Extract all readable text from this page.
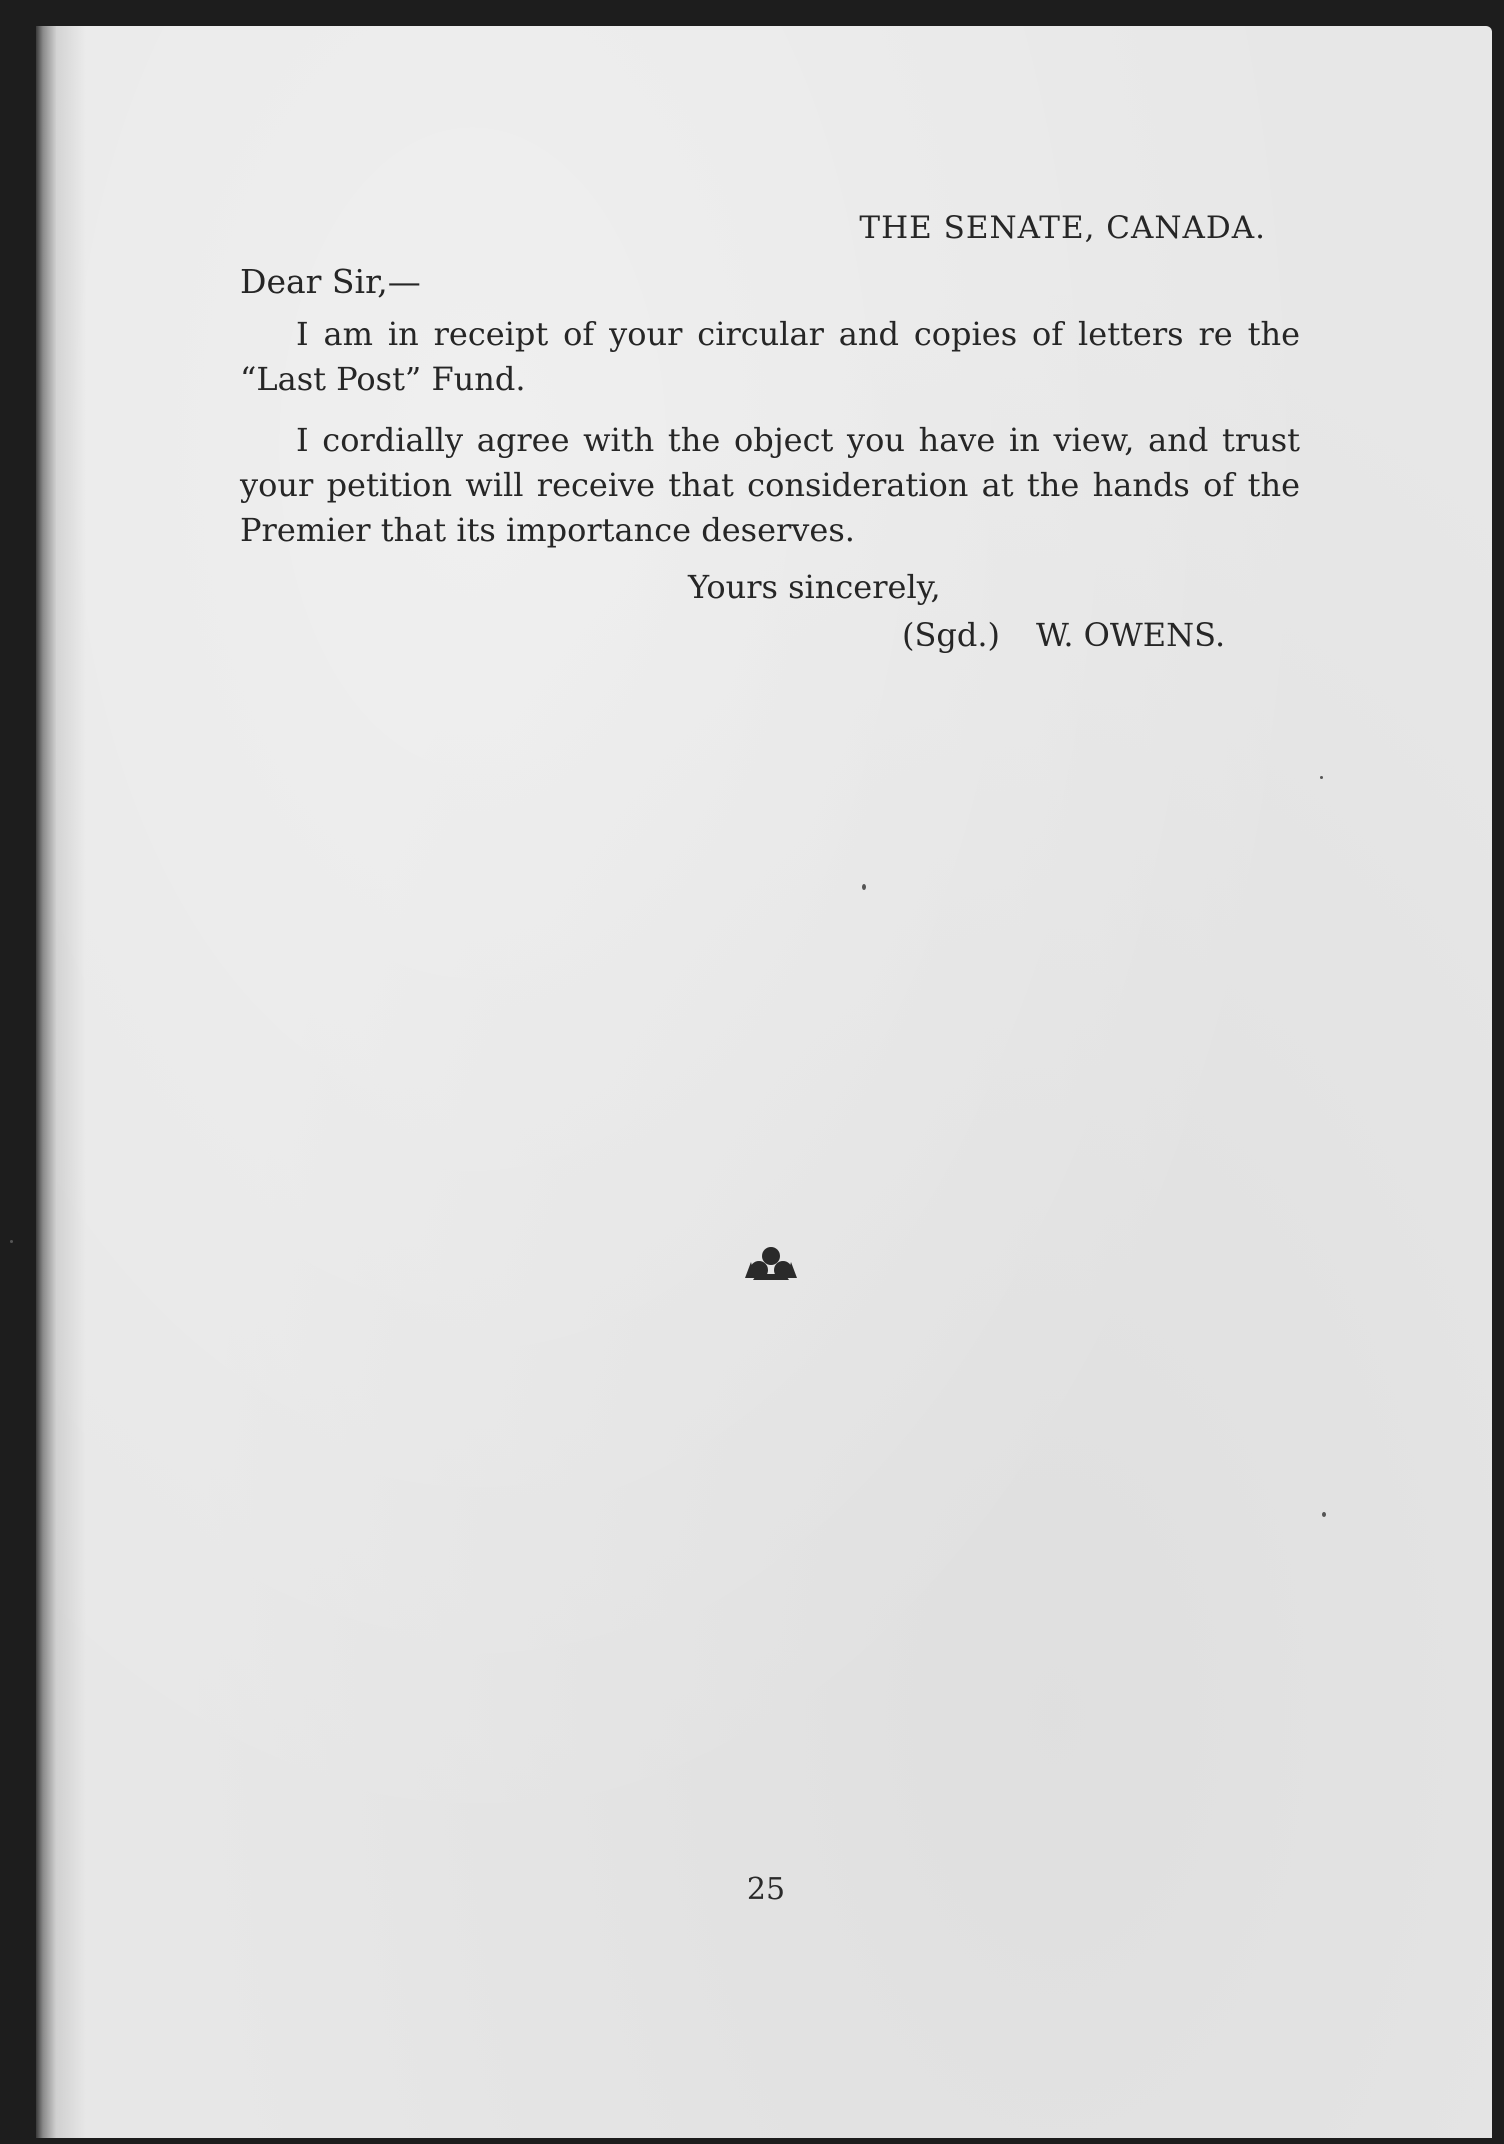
THE SENATE, CANADA.
Dear Sir,—
I am in receipt of your circular and copies of letters re the “Last Post” Fund.
I cordially agree with the object you have in view, and trust your petition will receive that consideration at the hands of the Premier that its importance deserves.
Yours sincerely,
(Sgd.) W. OWENS.
25
